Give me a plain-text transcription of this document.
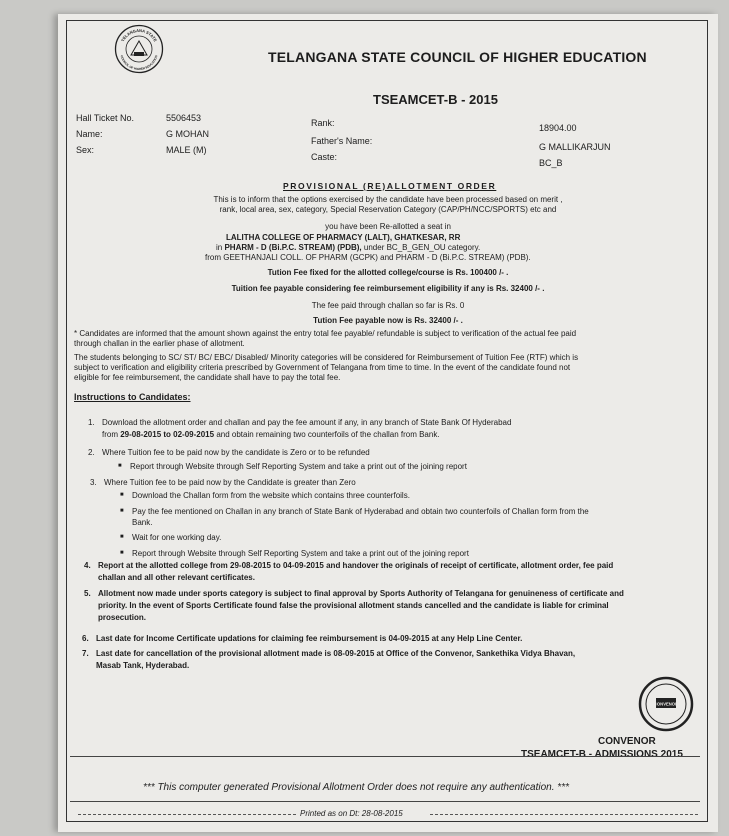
TELANGANA STATE
COUNCIL OF HIGHER EDUCATION	TELANGANA STATE COUNCIL OF HIGHER EDUCATION
TSEAMCET-B - 2015
Hall Ticket No.	5506453
Name:	G MOHAN
Sex:	MALE (M)
Rank:	18904.00
Father's Name:
G MALLIKARJUN
Caste:
BC_B
PROVISIONAL (RE)ALLOTMENT ORDER
This is to inform that the options exercised by the candidate have been processed based on merit ,
rank, local area, sex, category, Special Reservation Category (CAP/PH/NCC/SPORTS) etc and
you have been Re-allotted a seat in
LALITHA COLLEGE OF PHARMACY (LALT), GHATKESAR, RR
in PHARM - D (Bi.P.C. STREAM) (PDB), under BC_B_GEN_OU category.
from GEETHANJALI COLL. OF PHARM (GCPK) and PHARM - D (Bi.P.C. STREAM) (PDB).
Tution Fee fixed for the allotted college/course is Rs. 100400 /- .
Tuition fee payable considering fee reimbursement eligibility if any is Rs. 32400 /- .
The fee paid through challan so far is Rs. 0
Tution Fee payable now is Rs. 32400 /- .
* Candidates are informed that the amount shown against the entry total fee payable/ refundable is subject to verification of the actual fee paid
through challan in the earlier phase of allotment.
The students belonging to SC/ ST/ BC/ EBC/ Disabled/ Minority categories will be considered for Reimbursement of Tuition Fee (RTF) which is
subject to verification and eligibility criteria prescribed by Government of Telangana from time to time. In the event of the candidate found not
eligible for fee reimbursement, the candidate shall have to pay the total fee.
Instructions to Candidates:
1. Download the allotment order and challan and pay the fee amount if any, in any branch of State Bank Of Hyderabad
from 29-08-2015 to 02-09-2015 and obtain remaining two counterfoils of the challan from Bank.
2. Where Tuition fee to be paid now by the candidate is Zero or to be refunded
■ Report through Website through Self Reporting System and take a print out of the joining report
3. Where Tuition fee to be paid now by the Candidate is greater than Zero
■ Download the Challan form from the website which contains three counterfoils.
■ Pay the fee mentioned on Challan in any branch of State Bank of Hyderabad and obtain two counterfoils of Challan form from the
Bank.
■ Wait for one working day.
■ Report through Website through Self Reporting System and take a print out of the joining report
4. Report at the allotted college from 29-08-2015 to 04-09-2015 and handover the originals of receipt of certificate, allotment order, fee paid
challan and all other relevant certificates.
5. Allotment now made under sports category is subject to final approval by Sports Authority of Telangana for genuineness of certificate and
priority. In the event of Sports Certificate found false the provisional allotment stands cancelled and the candidate is liable for criminal
prosecution.
6. Last date for Income Certificate updations for claiming fee reimbursement is 04-09-2015 at any Help Line Center.
7. Last date for cancellation of the provisional allotment made is 08-09-2015 at Office of the Convenor, Sankethika Vidya Bhavan,
Masab Tank, Hyderabad.
CONVENOR
CONVENOR
TSEAMCET-B - ADMISSIONS 2015
*** This computer generated Provisional Allotment Order does not require any authentication. ***
Printed as on Dt: 28-08-2015
